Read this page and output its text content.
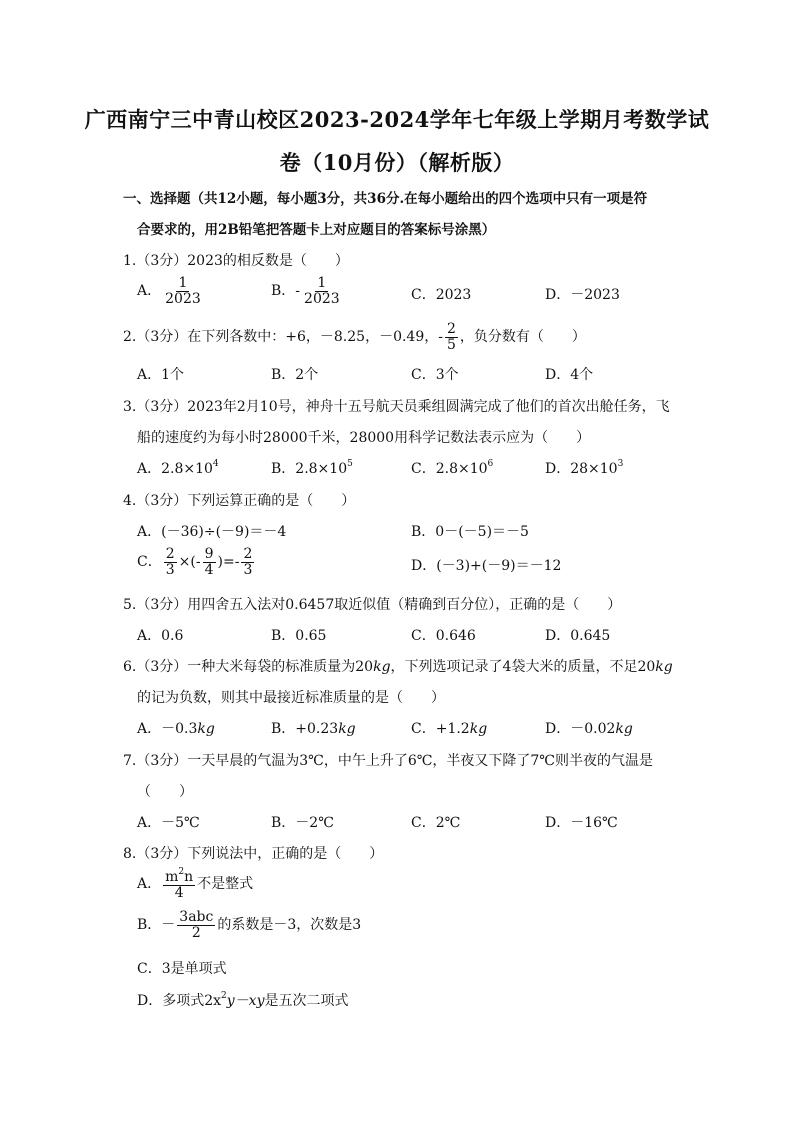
广西南宁三中青山校区2023-2024学年七年级上学期月考数学试
卷（10月份）（解析版）
一、选择题（共12小题，每小题3分，共36分.在每小题给出的四个选项中只有一项是符
合要求的，用2B铅笔把答题卡上对应题目的答案标号涂黑）
1.（3分）2023的相反数是（　　）
A． $\frac{1}{2023}$	B．- $\frac{1}{2023}$	C．2023	D．－2023
2.（3分）在下列各数中：+6，－8.25，－0.49，- $\frac{2}{5}$ ，负分数有（　　）
A．1个	B．2个	C．3个	D．4个
3.（3分）2023年2月10号，神舟十五号航天员乘组圆满完成了他们的首次出舱任务，飞
船的速度约为每小时28000千米，28000用科学记数法表示应为（　　）
A．$2.8\times 10^4$	B．$2.8\times 10^5$	C．$2.8\times 10^6$	D．$28\times 10^3$
4.（3分）下列运算正确的是（　　）
A．(－36)÷(－9)＝－4	B．0－(－5)＝－5
C． $\frac{2}{3}$ ×(- $\frac{9}{4}$ )=- $\frac{2}{3}$	D．(－3)+(－9)＝－12
5.（3分）用四舍五入法对0.6457取近似值（精确到百分位），正确的是（　　）
A．0.6	B．0.65	C．0.646	D．0.645
6.（3分）一种大米每袋的标准质量为20kg，下列选项记录了4袋大米的质量，不足20kg
的记为负数，则其中最接近标准质量的是（　　）
A．－0.3kg	B．+0.23kg	C．+1.2kg	D．－0.02kg
7.（3分）一天早晨的气温为3℃，中午上升了6℃，半夜又下降了7℃则半夜的气温是
（　　）
A．－5℃	B．－2℃	C．2℃	D．－16℃
8.（3分）下列说法中，正确的是（　　）
A． $\frac{m^2n}{4}$ 不是整式
B．－ $\frac{\text{3abc}}{2}$ 的系数是－3，次数是3
C．3是单项式
D．多项式$2x^2y-xy$是五次二项式
